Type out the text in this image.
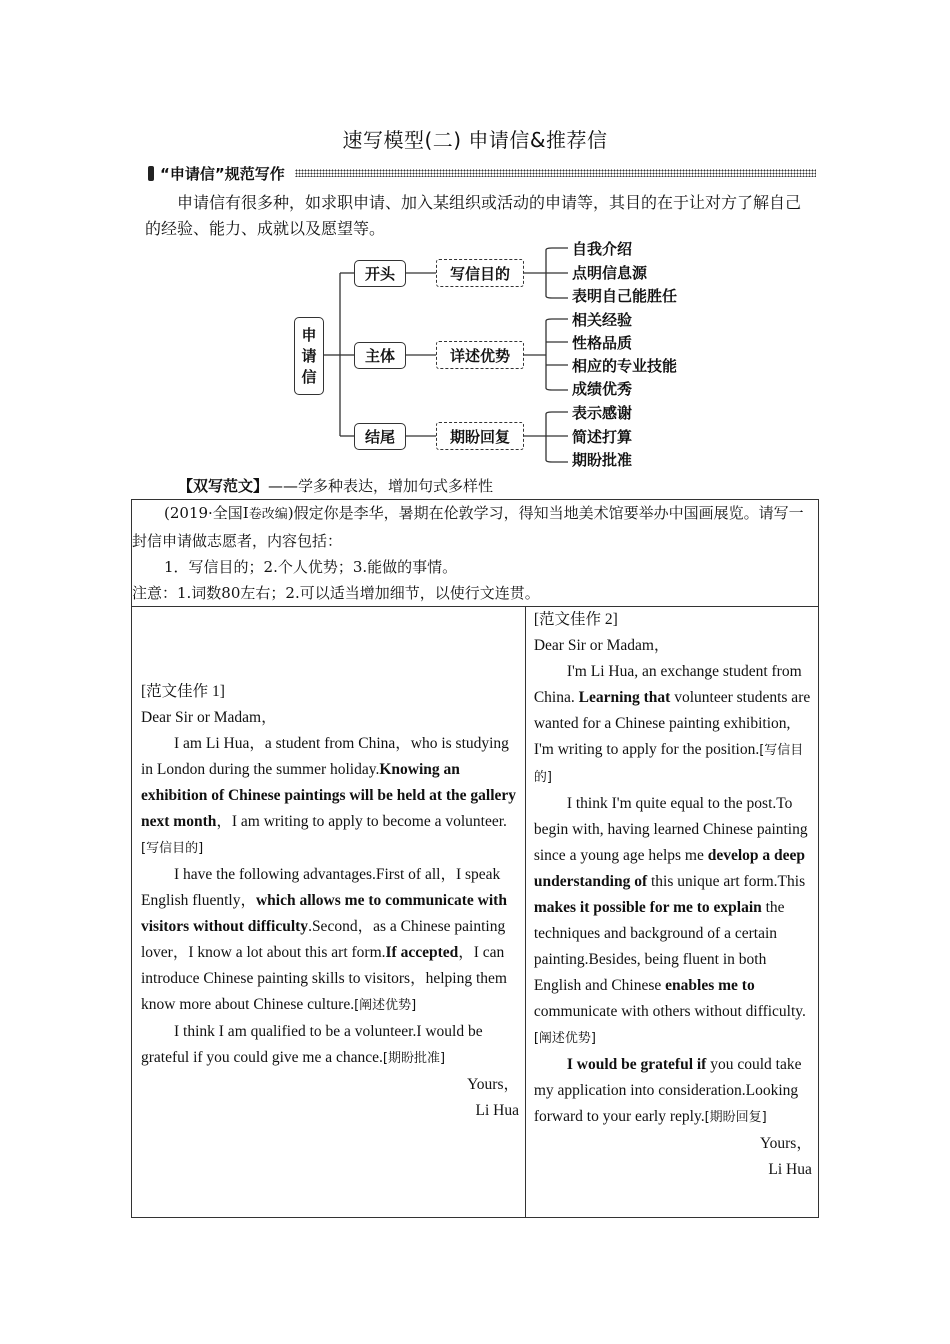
速写模型(二) 申请信&推荐信
“申请信”规范写作
申请信有很多种，如求职申请、加入某组织或活动的申请等，其目的在于让对方了解自己的经验、能力、成就以及愿望等。
申
请
信
开头
主体
结尾
写信目的
详述优势
期盼回复
自我介绍
点明信息源
表明自己能胜任
相关经验
性格品质
相应的专业技能
成绩优秀
表示感谢
简述打算
期盼批准
【双写范文】——学多种表达，增加句式多样性

(2019·全国Ⅰ卷改编)假定你是李华，暑期在伦敦学习，得知当地美术馆要举办中国画展览。请写一封信申请做志愿者，内容包括：

1．写信目的；2.个人优势；3.能做的事情。

注意：1.词数80左右；2.可以适当增加细节，以使行文连贯。

[范文佳作 1]

Dear Sir or Madam，

I am Li Hua，a student from China，who is studying in London during the summer holiday.Knowing an exhibition of Chinese paintings will be held at the gallery next month，I am writing to apply to become a volunteer.[写信目的]

I have the following advantages.First of all，I speak English fluently，which allows me to communicate with visitors without difficulty.Second，as a Chinese painting lover，I know a lot about this art form.If accepted，I can introduce Chinese painting skills to visitors，helping them know more about Chinese culture.[阐述优势]

I think I am qualified to be a volunteer.I would be grateful if you could give me a chance.[期盼批准]

Yours，

Li Hua

[范文佳作 2]

Dear Sir or Madam，

I'm Li Hua, an exchange student from China. Learning that volunteer students are wanted for a Chinese painting exhibition, I'm writing to apply for the position.[写信目的]

I think I'm quite equal to the post.To begin with, having learned Chinese painting since a young age helps me develop a deep understanding of this unique art form.This makes it possible for me to explain the techniques and background of a certain painting.Besides, being fluent in both English and Chinese enables me to communicate with others without difficulty.[阐述优势]

I would be grateful if you could take my application into consideration.Looking forward to your early reply.[期盼回复]

Yours，

Li Hua
